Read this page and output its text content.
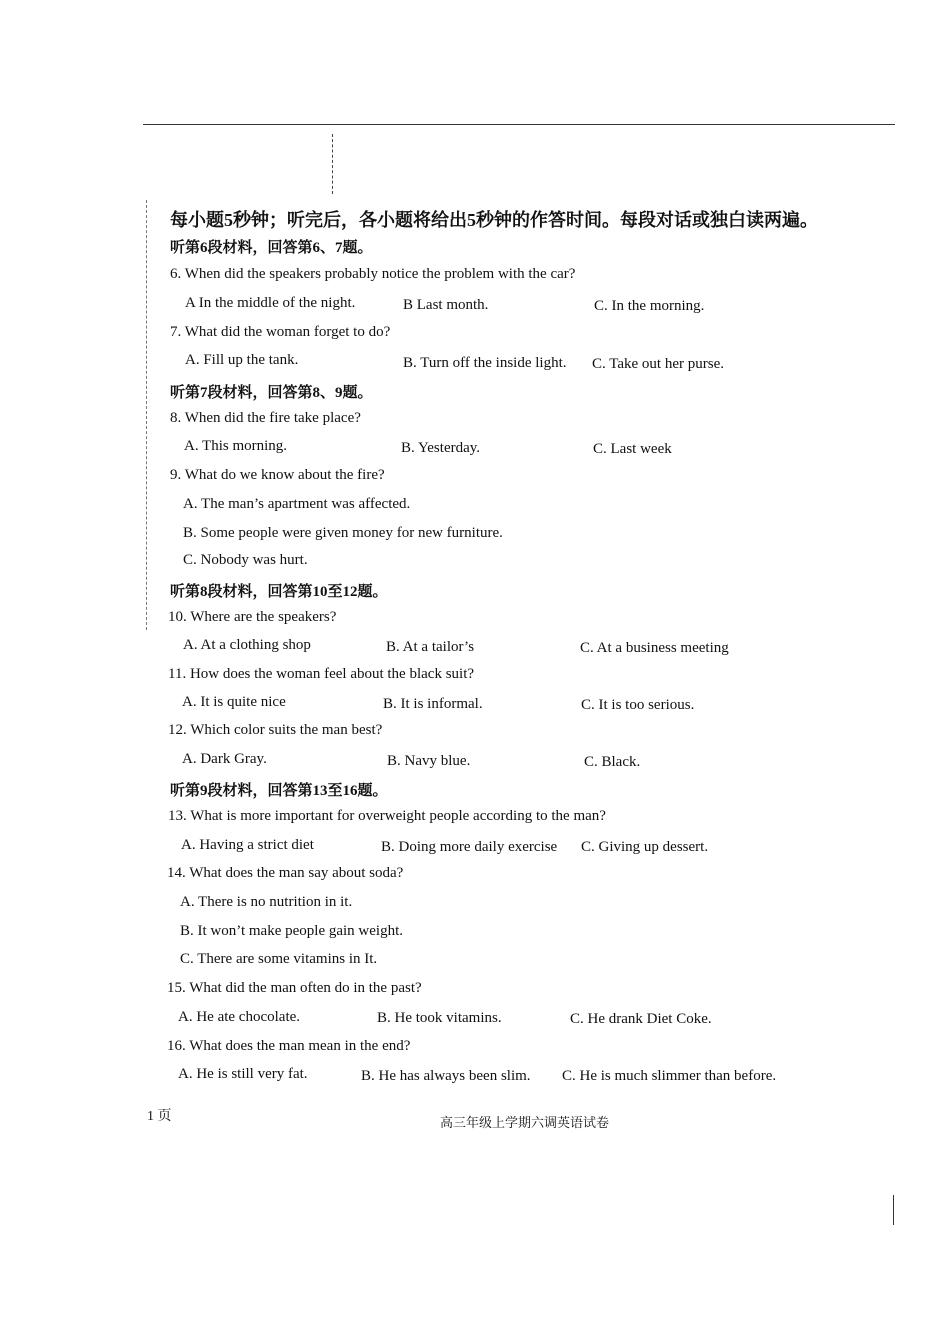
每小题5秒钟；听完后，各小题将给出5秒钟的作答时间。每段对话或独白读两遍。
听第6段材料，回答第6、7题。
6. When did the speakers probably notice the problem with the car?
A In the middle of the night.	B Last month.	C. In the morning.
7. What did the woman forget to do?
A. Fill up the tank.	B. Turn off the inside light. C. Take out her purse.
听第7段材料，回答第8、9题。
8. When did the fire take place?
A. This morning.	B. Yesterday.	C. Last week
9. What do we know about the fire?
A. The man’s apartment was affected.
B. Some people were given money for new furniture.
C. Nobody was hurt.
听第8段材料，回答第10至12题。
10. Where are the speakers?
A. At a clothing shop	B. At a tailor’s	C. At a business meeting
11. How does the woman feel about the black suit?
A. It is quite nice	B. It is informal.	C. It is too serious.
12. Which color suits the man best?
A. Dark Gray.	B. Navy blue.	C. Black.
听第9段材料，回答第13至16题。
13. What is more important for overweight people according to the man?
A. Having a strict diet	B. Doing more daily exercise C. Giving up dessert.
14. What does the man say about soda?
A. There is no nutrition in it.
B. It won’t make people gain weight.
C. There are some vitamins in It.
15. What did the man often do in the past?
A. He ate chocolate.	B. He took vitamins.	C. He drank Diet Coke.
16. What does the man mean in the end?
A. He is still very fat.	B. He has always been slim. C. He is much slimmer than before.
1 页	高三年级上学期六调英语试卷
